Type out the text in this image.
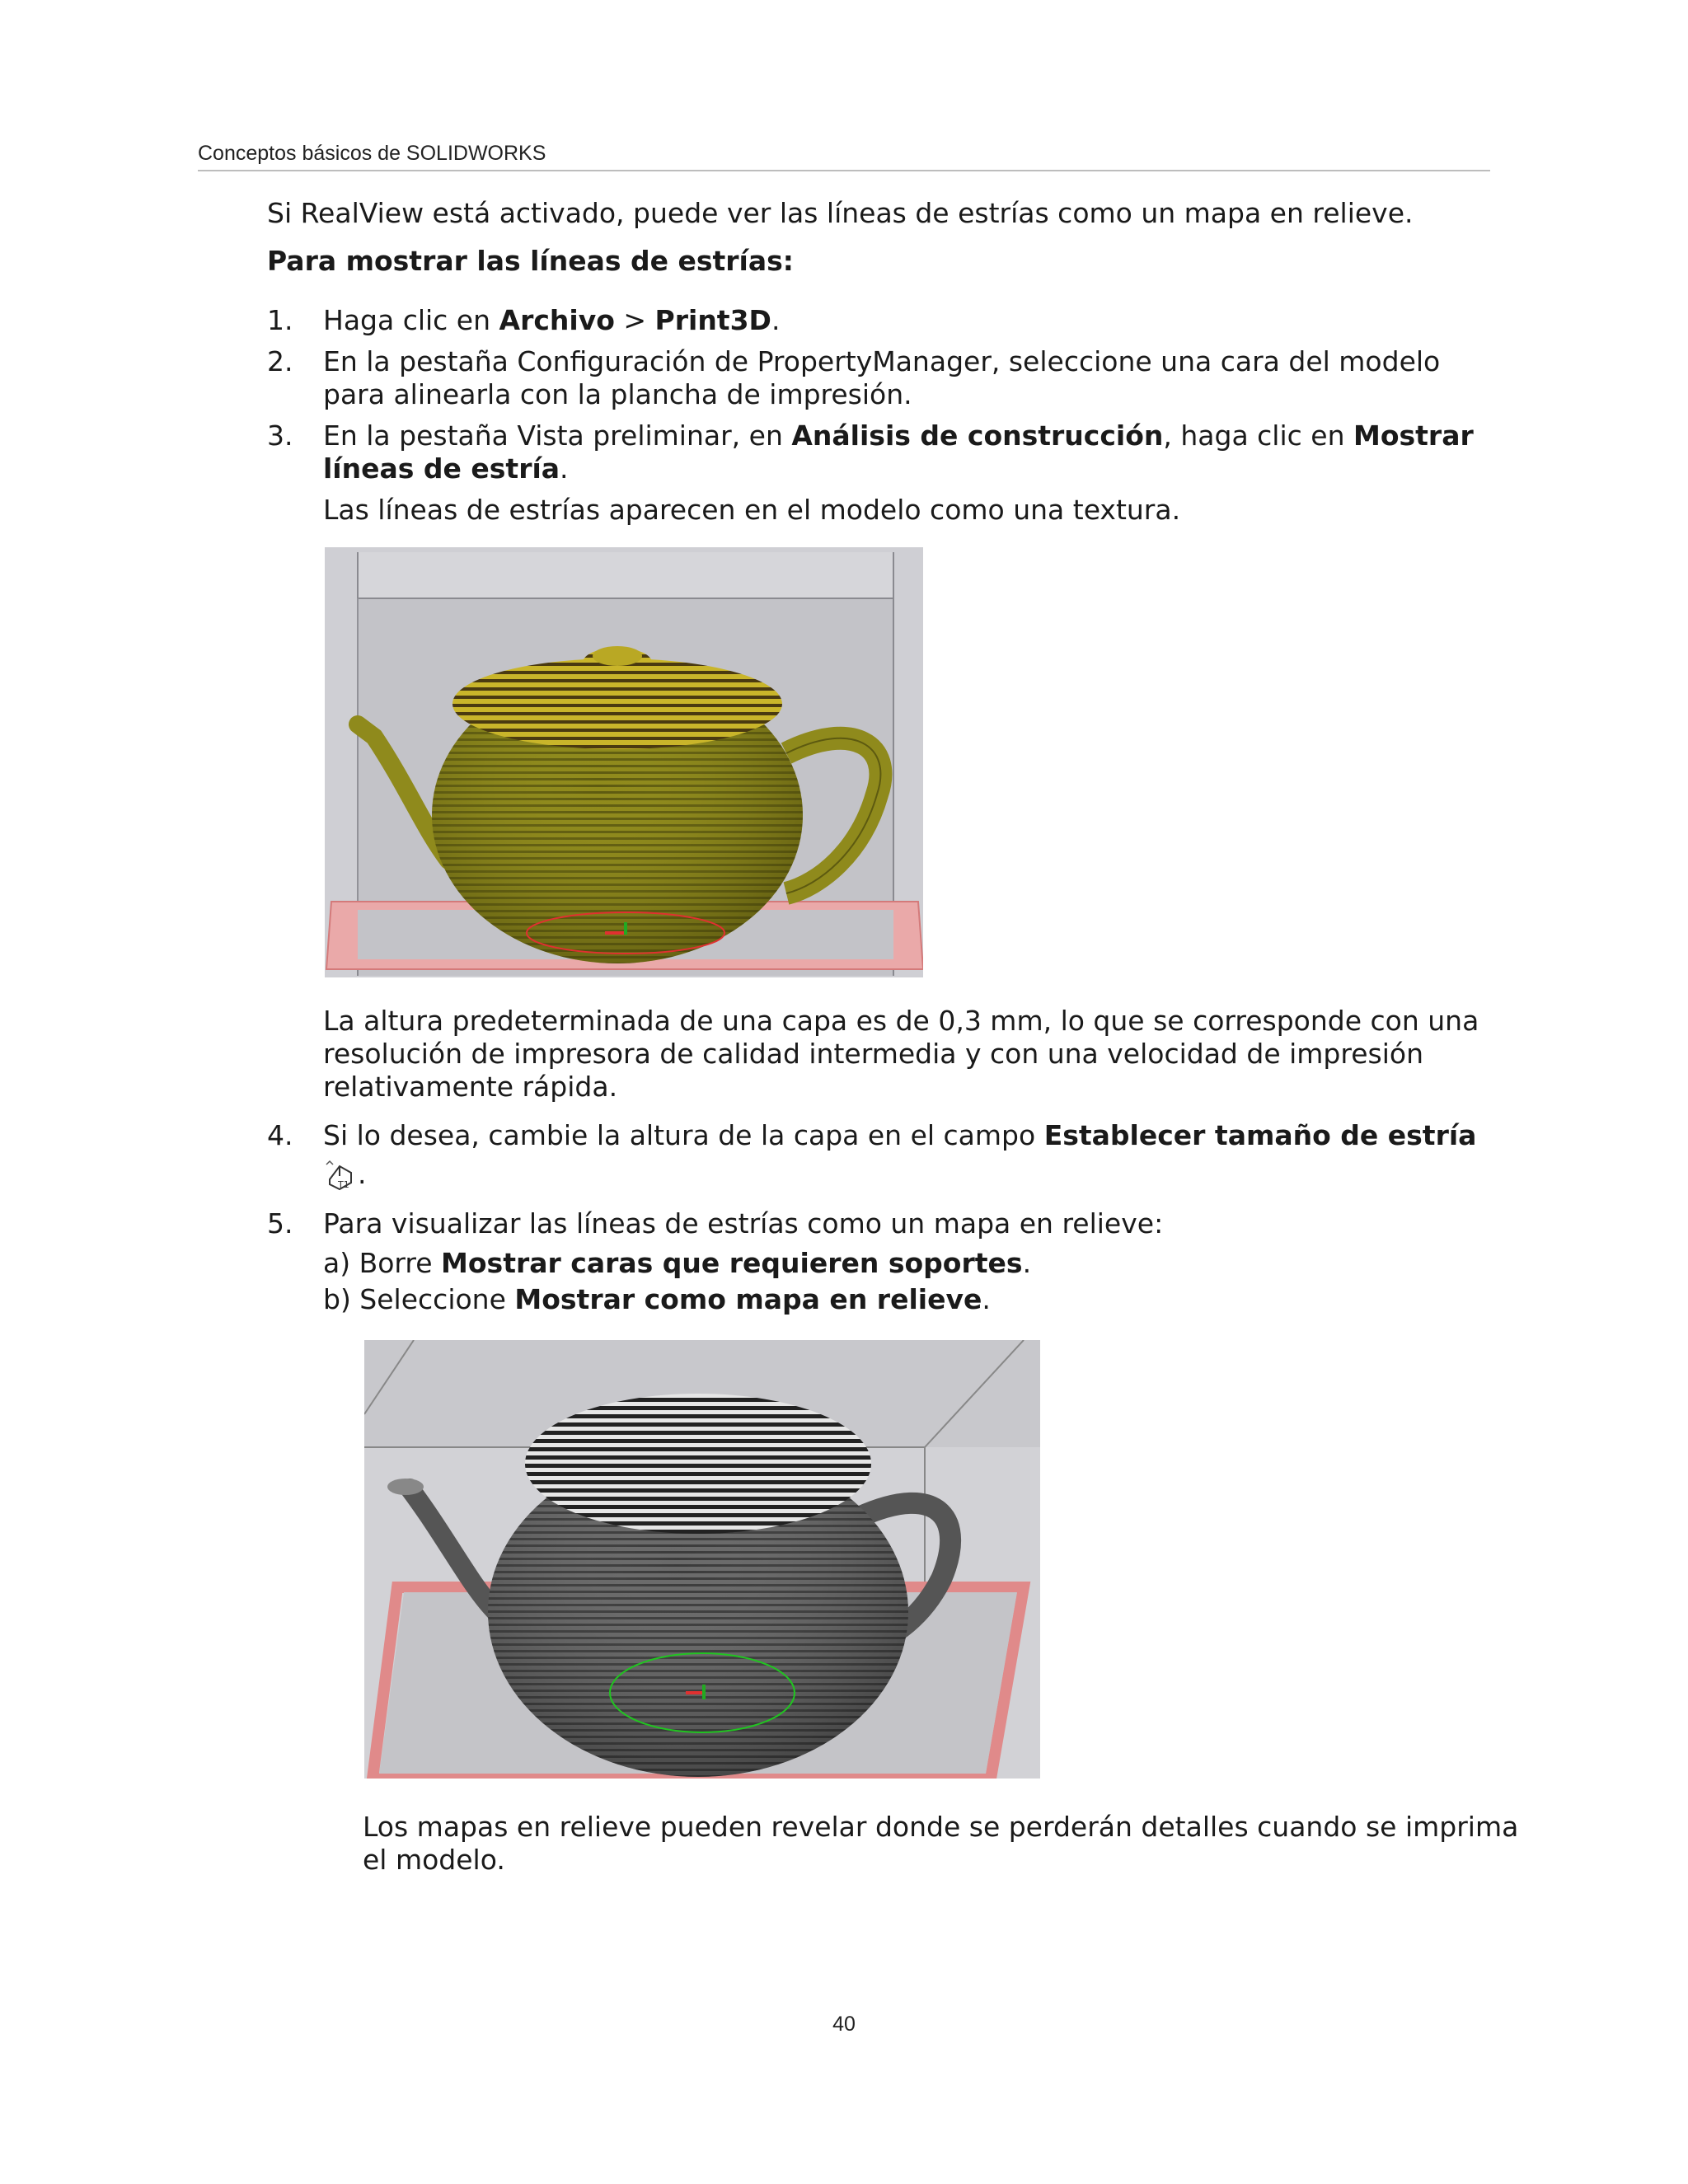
Conceptos básicos de SOLIDWORKS
Si RealView está activado, puede ver las líneas de estrías como un mapa en relieve.
Para mostrar las líneas de estrías:
1. Haga clic en Archivo > Print3D.
2. En la pestaña Configuración de PropertyManager, seleccione una cara del modelo
para alinearla con la plancha de impresión.
3. En la pestaña Vista preliminar, en Análisis de construcción, haga clic en Mostrar
líneas de estría.
Las líneas de estrías aparecen en el modelo como una textura.
La altura predeterminada de una capa es de 0,3 mm, lo que se corresponde con una
resolución de impresora de calidad intermedia y con una velocidad de impresión
relativamente rápida.
4. Si lo desea, cambie la altura de la capa en el campo Establecer tamaño de estría
T1 .
5. Para visualizar las líneas de estrías como un mapa en relieve:
a) Borre Mostrar caras que requieren soportes.
b) Seleccione Mostrar como mapa en relieve.
Los mapas en relieve pueden revelar donde se perderán detalles cuando se imprima
el modelo.
40
